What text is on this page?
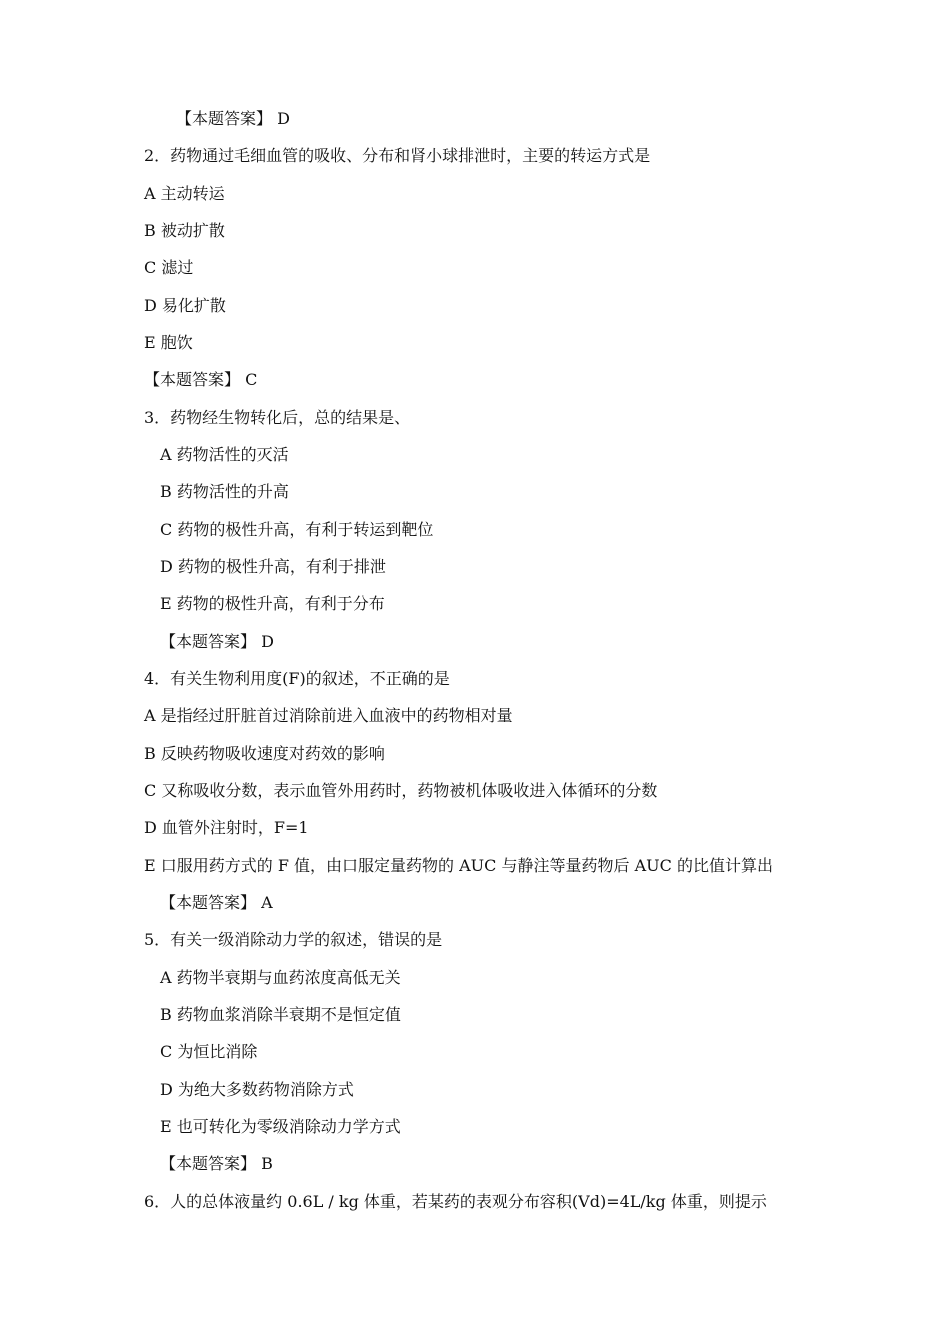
【本题答案】 D
2．药物通过毛细血管的吸收、分布和肾小球排泄时，主要的转运方式是
A 主动转运
B 被动扩散
C 滤过
D 易化扩散
E 胞饮
【本题答案】 C
3．药物经生物转化后，总的结果是、
A 药物活性的灭活
B 药物活性的升高
C 药物的极性升高，有利于转运到靶位
D 药物的极性升高，有利于排泄
E 药物的极性升高，有利于分布
【本题答案】 D
4．有关生物利用度(F)的叙述，不正确的是
A 是指经过肝脏首过消除前进入血液中的药物相对量
B 反映药物吸收速度对药效的影响
C 又称吸收分数，表示血管外用药时，药物被机体吸收进入体循环的分数
D 血管外注射时，F=1
E 口服用药方式的 F 值，由口服定量药物的 AUC 与静注等量药物后 AUC 的比值计算出
【本题答案】 A
5．有关一级消除动力学的叙述，错误的是
A 药物半衰期与血药浓度高低无关
B 药物血浆消除半衰期不是恒定值
C 为恒比消除
D 为绝大多数药物消除方式
E 也可转化为零级消除动力学方式
【本题答案】 B
6．人的总体液量约 0.6L / kg 体重，若某药的表观分布容积(Vd)=4L/kg 体重，则提示
